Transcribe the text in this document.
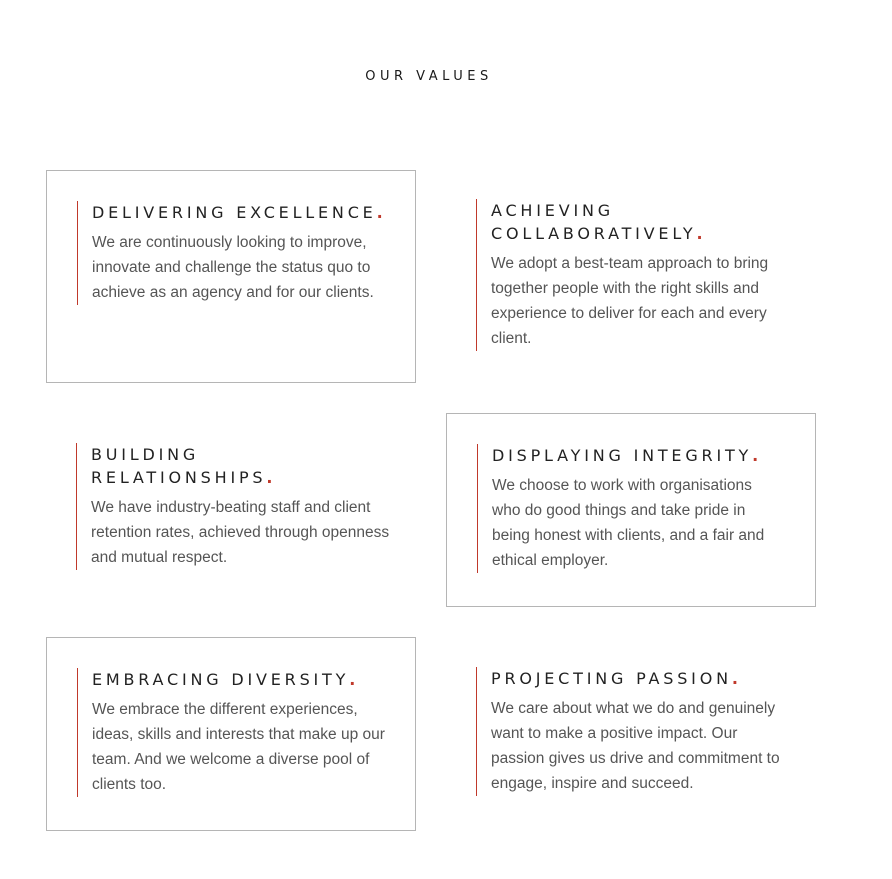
OUR VALUES
DELIVERING EXCELLENCE.

We are continuously looking to improve, innovate and challenge the status quo to achieve as an agency and for our clients.

ACHIEVING COLLABORATIVELY.

We adopt a best-team approach to bring together people with the right skills and experience to deliver for each and every client.

BUILDING RELATIONSHIPS.

We have industry-beating staff and client retention rates, achieved through openness and mutual respect.

DISPLAYING INTEGRITY.

We choose to work with organisations who do good things and take pride in being honest with clients, and a fair and ethical employer.

EMBRACING DIVERSITY.

We embrace the different experiences, ideas, skills and interests that make up our team. And we welcome a diverse pool of clients too.

PROJECTING PASSION.

We care about what we do and genuinely want to make a positive impact. Our passion gives us drive and commitment to engage, inspire and succeed.
